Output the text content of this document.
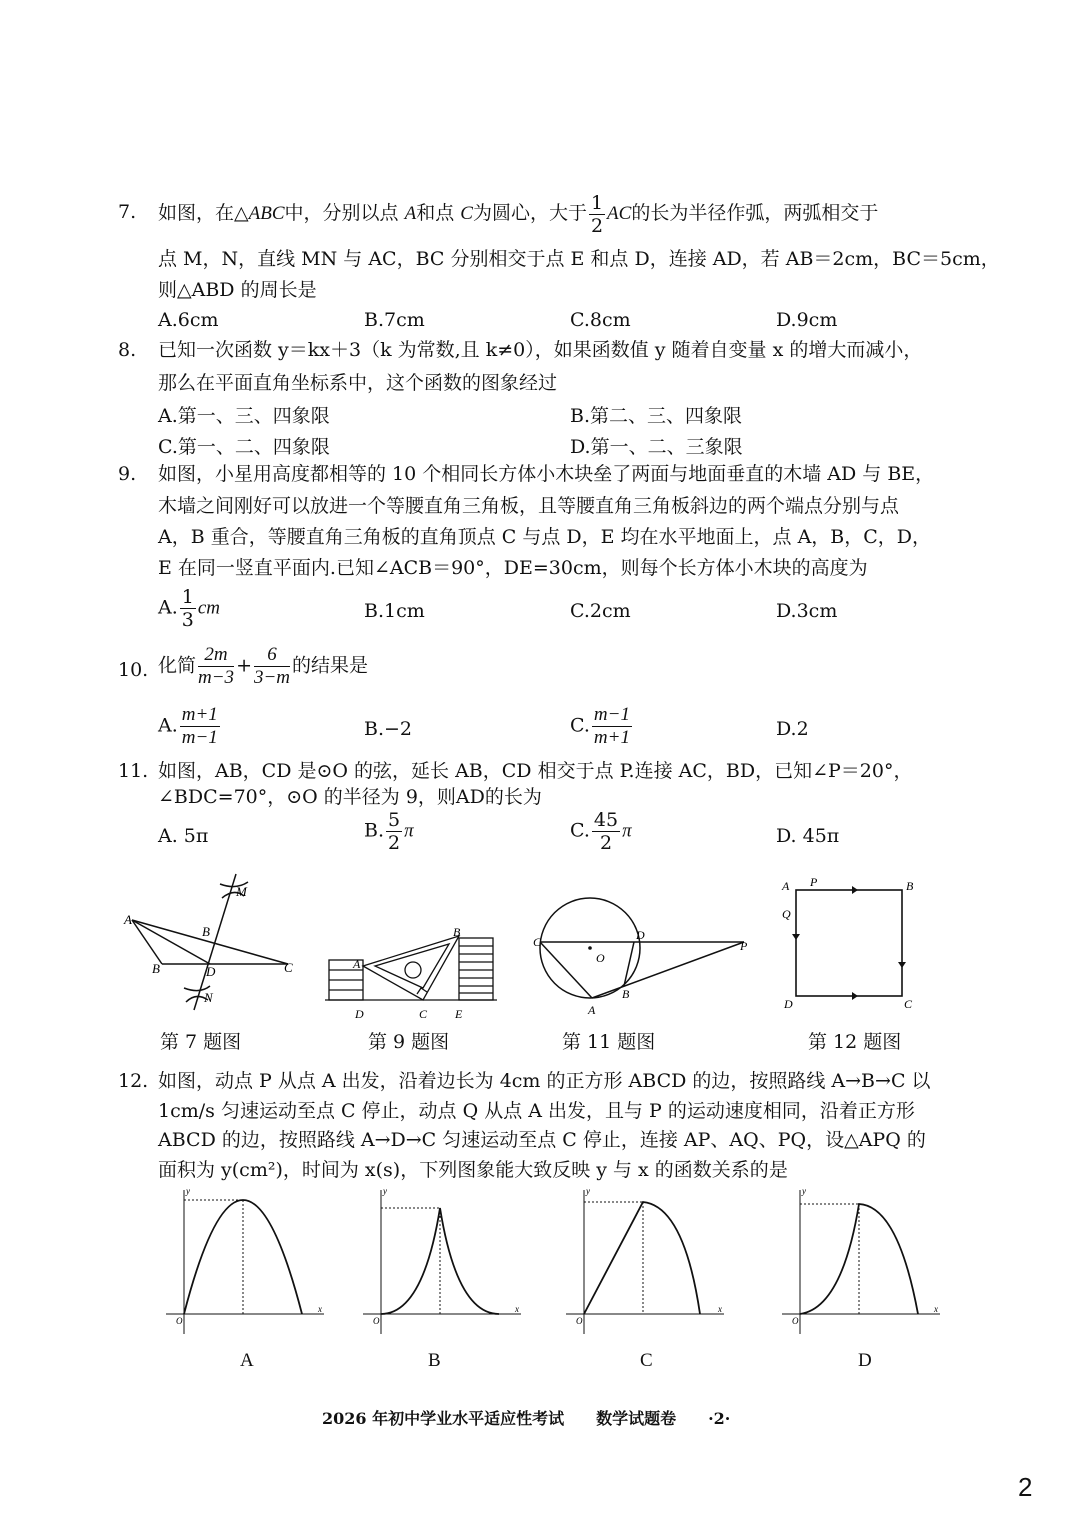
7. 如图，在△ABC中，分别以点 A和点 C为圆心，大于 $\frac{1}{2}$ AC的长为半径作弧，两弧相交于
点 M，N，直线 MN 与 AC，BC 分别相交于点 E 和点 D，连接 AD，若 AB＝2cm，BC＝5cm，
则△ABD 的周长是
A.6cm	B.7cm	C.8cm	D.9cm
8. 已知一次函数 y＝kx＋3（k 为常数,且 k≠0），如果函数值 y 随着自变量 x 的增大而减小，
那么在平面直角坐标系中，这个函数的图象经过
A.第一、三、四象限	B.第二、三、四象限
C.第一、二、四象限	D.第一、二、三象限
9. 如图，小星用高度都相等的 10 个相同长方体小木块垒了两面与地面垂直的木墙 AD 与 BE，
木墙之间刚好可以放进一个等腰直角三角板，且等腰直角三角板斜边的两个端点分别与点
A，B 重合，等腰直角三角板的直角顶点 C 与点 D，E 均在水平地面上，点 A，B，C，D，
E 在同一竖直平面内.已知∠ACB＝90°，DE=30cm，则每个长方体小木块的高度为
A. $\frac{1}{3}$ cm	B.1cm	C.2cm	D.3cm
10. 化简 $\frac{2m}{m-3} + \frac{6}{3-m}$ 的结果是
A. $\frac{m+1}{m-1}$	B.−2	C. $\frac{m-1}{m+1}$	D.2
11. 如图，AB，CD 是⊙O 的弦，延长 AB，CD 相交于点 P.连接 AC，BD，已知∠P＝20°，
∠BDC=70°，⊙O 的半径为 9，则AD的长为
A. 5π	B. $\frac{5}{2}$ π	C. $\frac{45}{2}$ π	D. 45π
A
B
B	D	C
M
N
A
B
D	C E
C	D
O
P
A
B
A P	B
Q
D	C
第 7 题图	第 9 题图	第 11 题图	第 12 题图
12. 如图，动点 P 从点 A 出发，沿着边长为 4cm 的正方形 ABCD 的边，按照路线 A→B→C 以
1cm/s 匀速运动至点 C 停止，动点 Q 从点 A 出发，且与 P 的运动速度相同，沿着正方形
ABCD 的边，按照路线 A→D→C 匀速运动至点 C 停止，连接 AP、AQ、PQ，设△APQ 的
面积为 y(cm²)，时间为 x(s)，下列图象能大致反映 y 与 x 的函数关系的是
y
x
O
y
x
O
y
x
O
y
x
O
A	B	C	D
2026 年初中学业水平适应性考试　　数学试题卷　　·2·
2
